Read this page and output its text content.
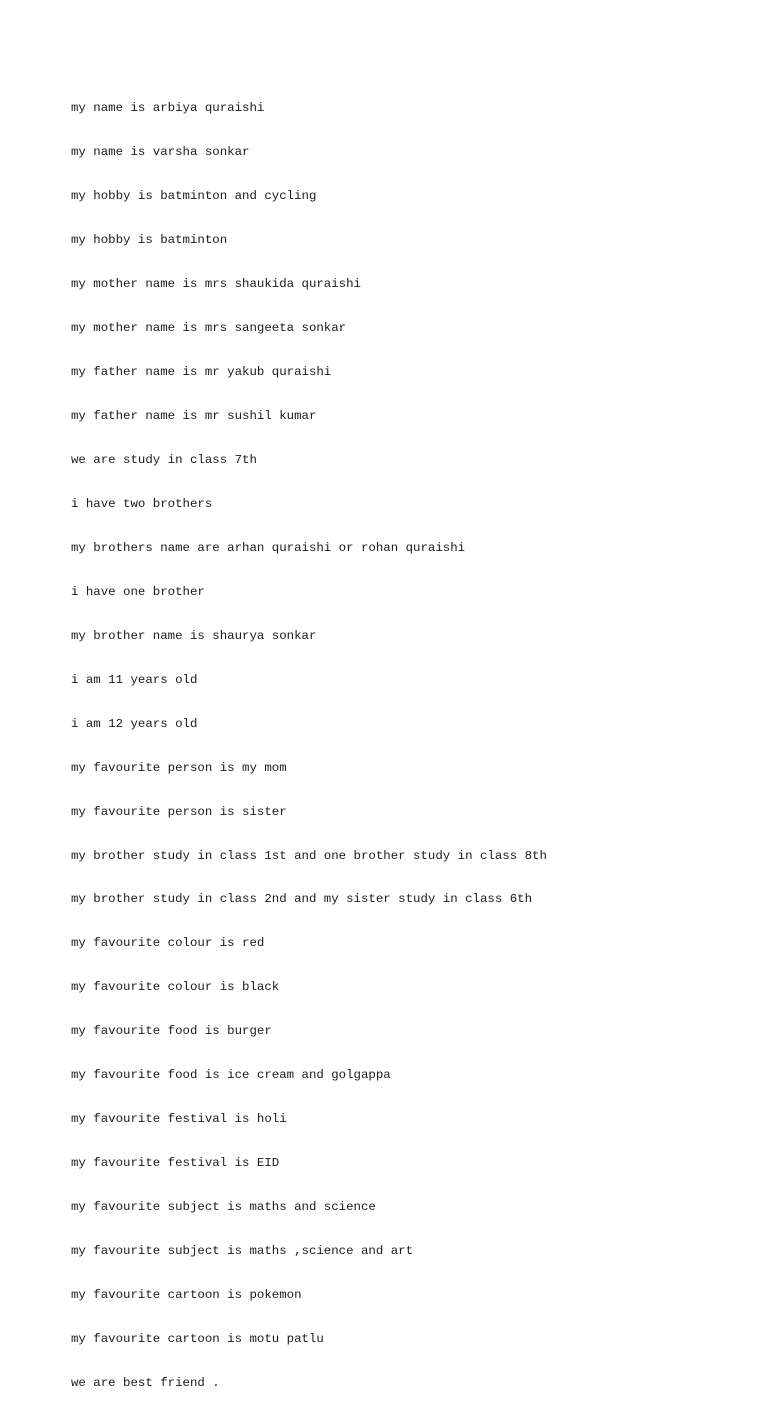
my name is arbiya quraishi

my name is varsha sonkar

my hobby is batminton and cycling

my hobby is batminton

my mother name is mrs shaukida quraishi

my mother name is mrs sangeeta sonkar

my father name is mr yakub quraishi

my father name is mr sushil kumar

we are study in class 7th

i have two brothers

my brothers name are arhan quraishi or rohan quraishi

i have one brother

my brother name is shaurya sonkar

i am 11 years old

i am 12 years old

my favourite person is my mom

my favourite person is sister

my brother study in class 1st and one brother study in class 8th

my brother study in class 2nd and my sister study in class 6th

my favourite colour is red

my favourite colour is black

my favourite food is burger

my favourite food is ice cream and golgappa

my favourite festival is holi

my favourite festival is EID

my favourite subject is maths and science

my favourite subject is maths ,science and art

my favourite cartoon is pokemon

my favourite cartoon is motu patlu

we are best friend .
